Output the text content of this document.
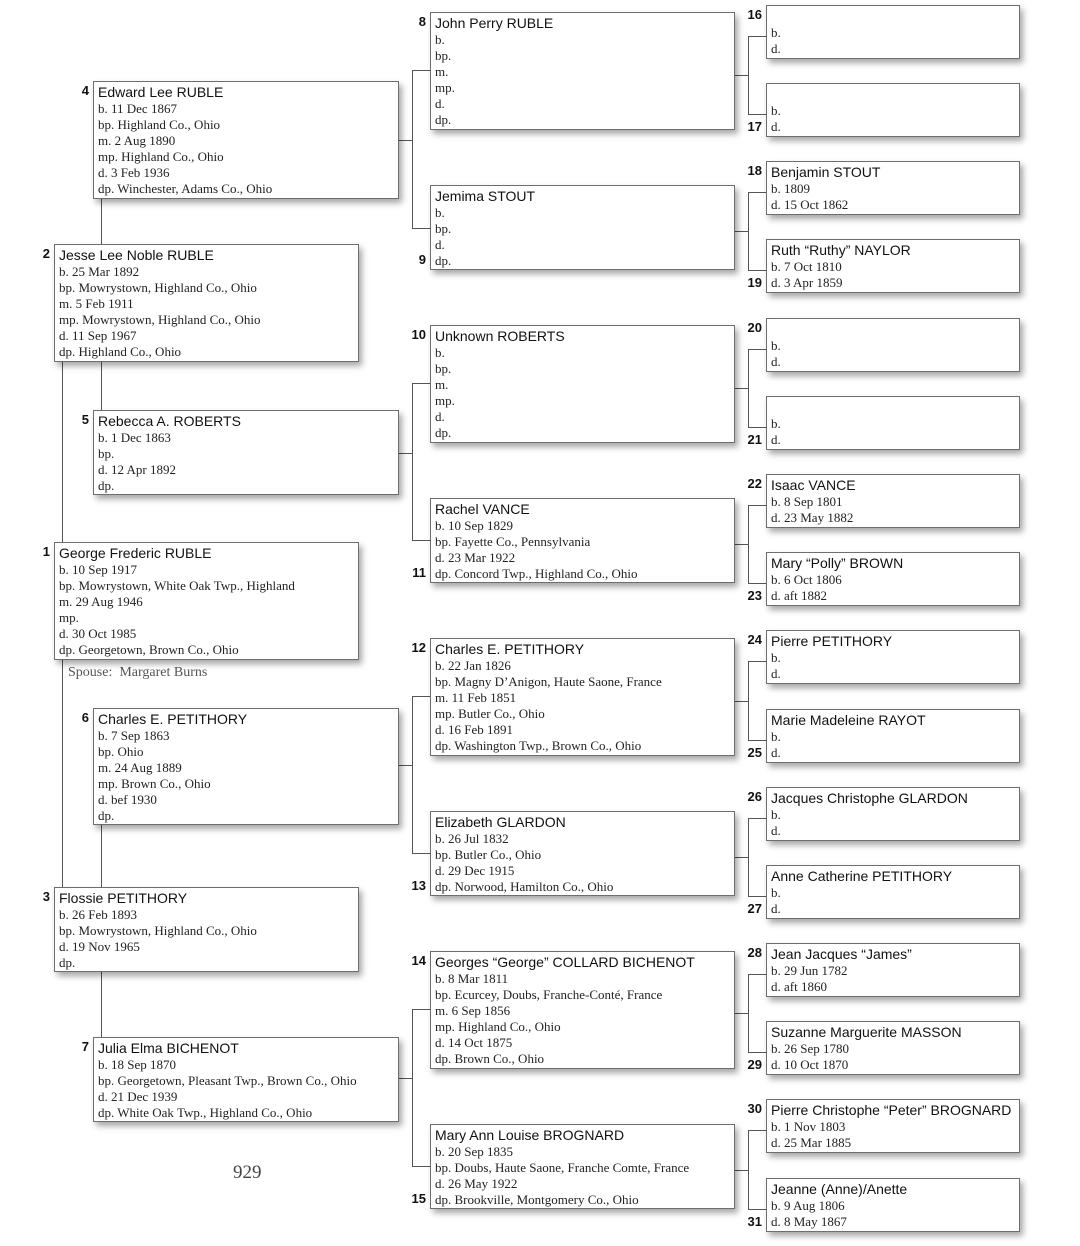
Spouse: Margaret Burns
929
George Frederic RUBLE
b. 10 Sep 1917
bp. Mowrystown, White Oak Twp., Highland
m. 29 Aug 1946
mp.
d. 30 Oct 1985
dp. Georgetown, Brown Co., Ohio
1
Jesse Lee Noble RUBLE
b. 25 Mar 1892
bp. Mowrystown, Highland Co., Ohio
m. 5 Feb 1911
mp. Mowrystown, Highland Co., Ohio
d. 11 Sep 1967
dp. Highland Co., Ohio
2
Flossie PETITHORY
b. 26 Feb 1893
bp. Mowrystown, Highland Co., Ohio
d. 19 Nov 1965
dp.
3
Edward Lee RUBLE
b. 11 Dec 1867
bp. Highland Co., Ohio
m. 2 Aug 1890
mp. Highland Co., Ohio
d. 3 Feb 1936
dp. Winchester, Adams Co., Ohio
4
Rebecca A. ROBERTS
b. 1 Dec 1863
bp.
d. 12 Apr 1892
dp.
5
Charles E. PETITHORY
b. 7 Sep 1863
bp. Ohio
m. 24 Aug 1889
mp. Brown Co., Ohio
d. bef 1930
dp.
6
Julia Elma BICHENOT
b. 18 Sep 1870
bp. Georgetown, Pleasant Twp., Brown Co., Ohio
d. 21 Dec 1939
dp. White Oak Twp., Highland Co., Ohio
7
John Perry RUBLE
b.
bp.
m.
mp.
d.
dp.
8
Jemima STOUT
b.
bp.
d.
dp.
9
Unknown ROBERTS
b.
bp.
m.
mp.
d.
dp.
10
Rachel VANCE
b. 10 Sep 1829
bp. Fayette Co., Pennsylvania
d. 23 Mar 1922
dp. Concord Twp., Highland Co., Ohio
11
Charles E. PETITHORY
b. 22 Jan 1826
bp. Magny D’Anigon, Haute Saone, France
m. 11 Feb 1851
mp. Butler Co., Ohio
d. 16 Feb 1891
dp. Washington Twp., Brown Co., Ohio
12
Elizabeth GLARDON
b. 26 Jul 1832
bp. Butler Co., Ohio
d. 29 Dec 1915
dp. Norwood, Hamilton Co., Ohio
13
Georges “George” COLLARD BICHENOT
b. 8 Mar 1811
bp. Ecurcey, Doubs, Franche-Conté, France
m. 6 Sep 1856
mp. Highland Co., Ohio
d. 14 Oct 1875
dp. Brown Co., Ohio
14
Mary Ann Louise BROGNARD
b. 20 Sep 1835
bp. Doubs, Haute Saone, Franche Comte, France
d. 26 May 1922
dp. Brookville, Montgomery Co., Ohio
15
b.
d.
16
b.
d.
17
Benjamin STOUT
b. 1809
d. 15 Oct 1862
18
Ruth “Ruthy” NAYLOR
b. 7 Oct 1810
d. 3 Apr 1859
19
b.
d.
20
b.
d.
21
Isaac VANCE
b. 8 Sep 1801
d. 23 May 1882
22
Mary “Polly” BROWN
b. 6 Oct 1806
d. aft 1882
23
Pierre PETITHORY
b.
d.
24
Marie Madeleine RAYOT
b.
d.
25
Jacques Christophe GLARDON
b.
d.
26
Anne Catherine PETITHORY
b.
d.
27
Jean Jacques “James”
b. 29 Jun 1782
d. aft 1860
28
Suzanne Marguerite MASSON
b. 26 Sep 1780
d. 10 Oct 1870
29
Pierre Christophe “Peter” BROGNARD
b. 1 Nov 1803
d. 25 Mar 1885
30
Jeanne (Anne)/Anette
b. 9 Aug 1806
d. 8 May 1867
31
